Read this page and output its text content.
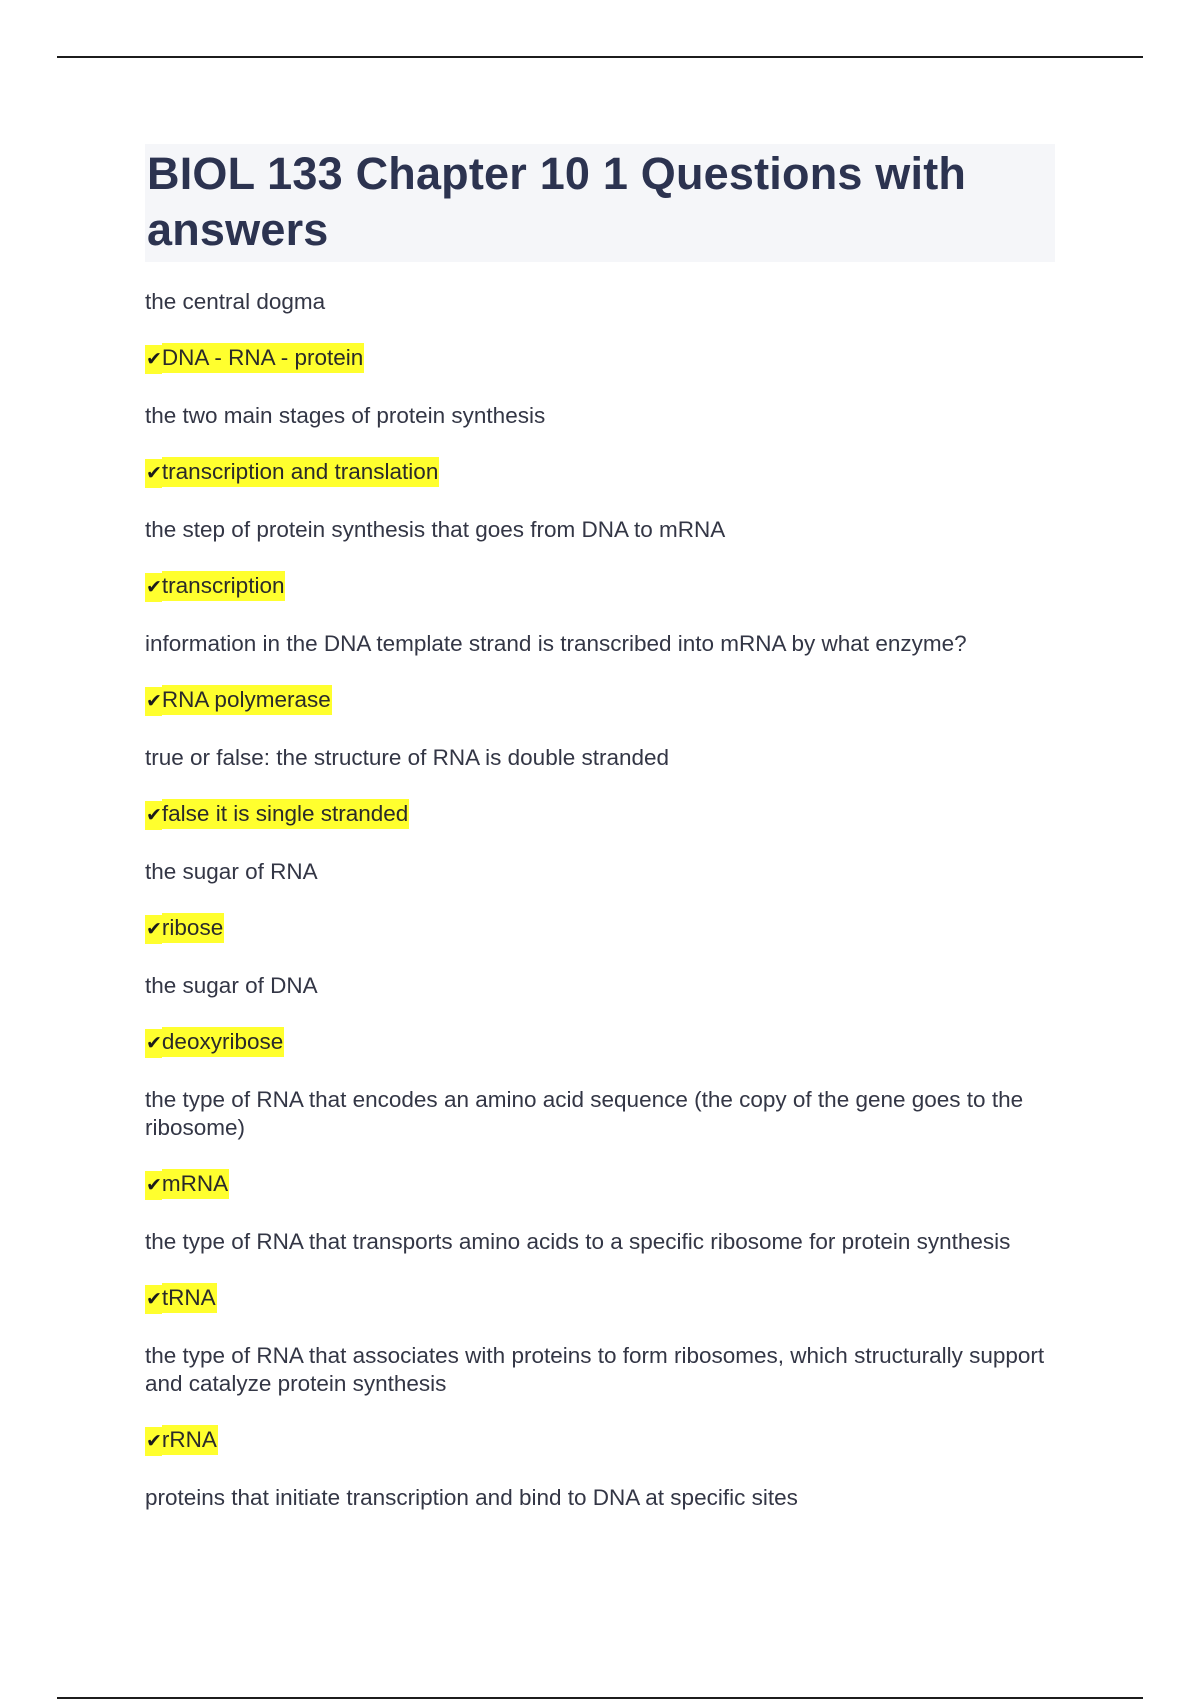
BIOL 133 Chapter 10 1 Questions with answers
the central dogma
✔DNA - RNA - protein
the two main stages of protein synthesis
✔transcription and translation
the step of protein synthesis that goes from DNA to mRNA
✔transcription
information in the DNA template strand is transcribed into mRNA by what enzyme?
✔RNA polymerase
true or false: the structure of RNA is double stranded
✔false it is single stranded
the sugar of RNA
✔ribose
the sugar of DNA
✔deoxyribose
the type of RNA that encodes an amino acid sequence (the copy of the gene goes to the ribosome)
✔mRNA
the type of RNA that transports amino acids to a specific ribosome for protein synthesis
✔tRNA
the type of RNA that associates with proteins to form ribosomes, which structurally support and catalyze protein synthesis
✔rRNA
proteins that initiate transcription and bind to DNA at specific sites
